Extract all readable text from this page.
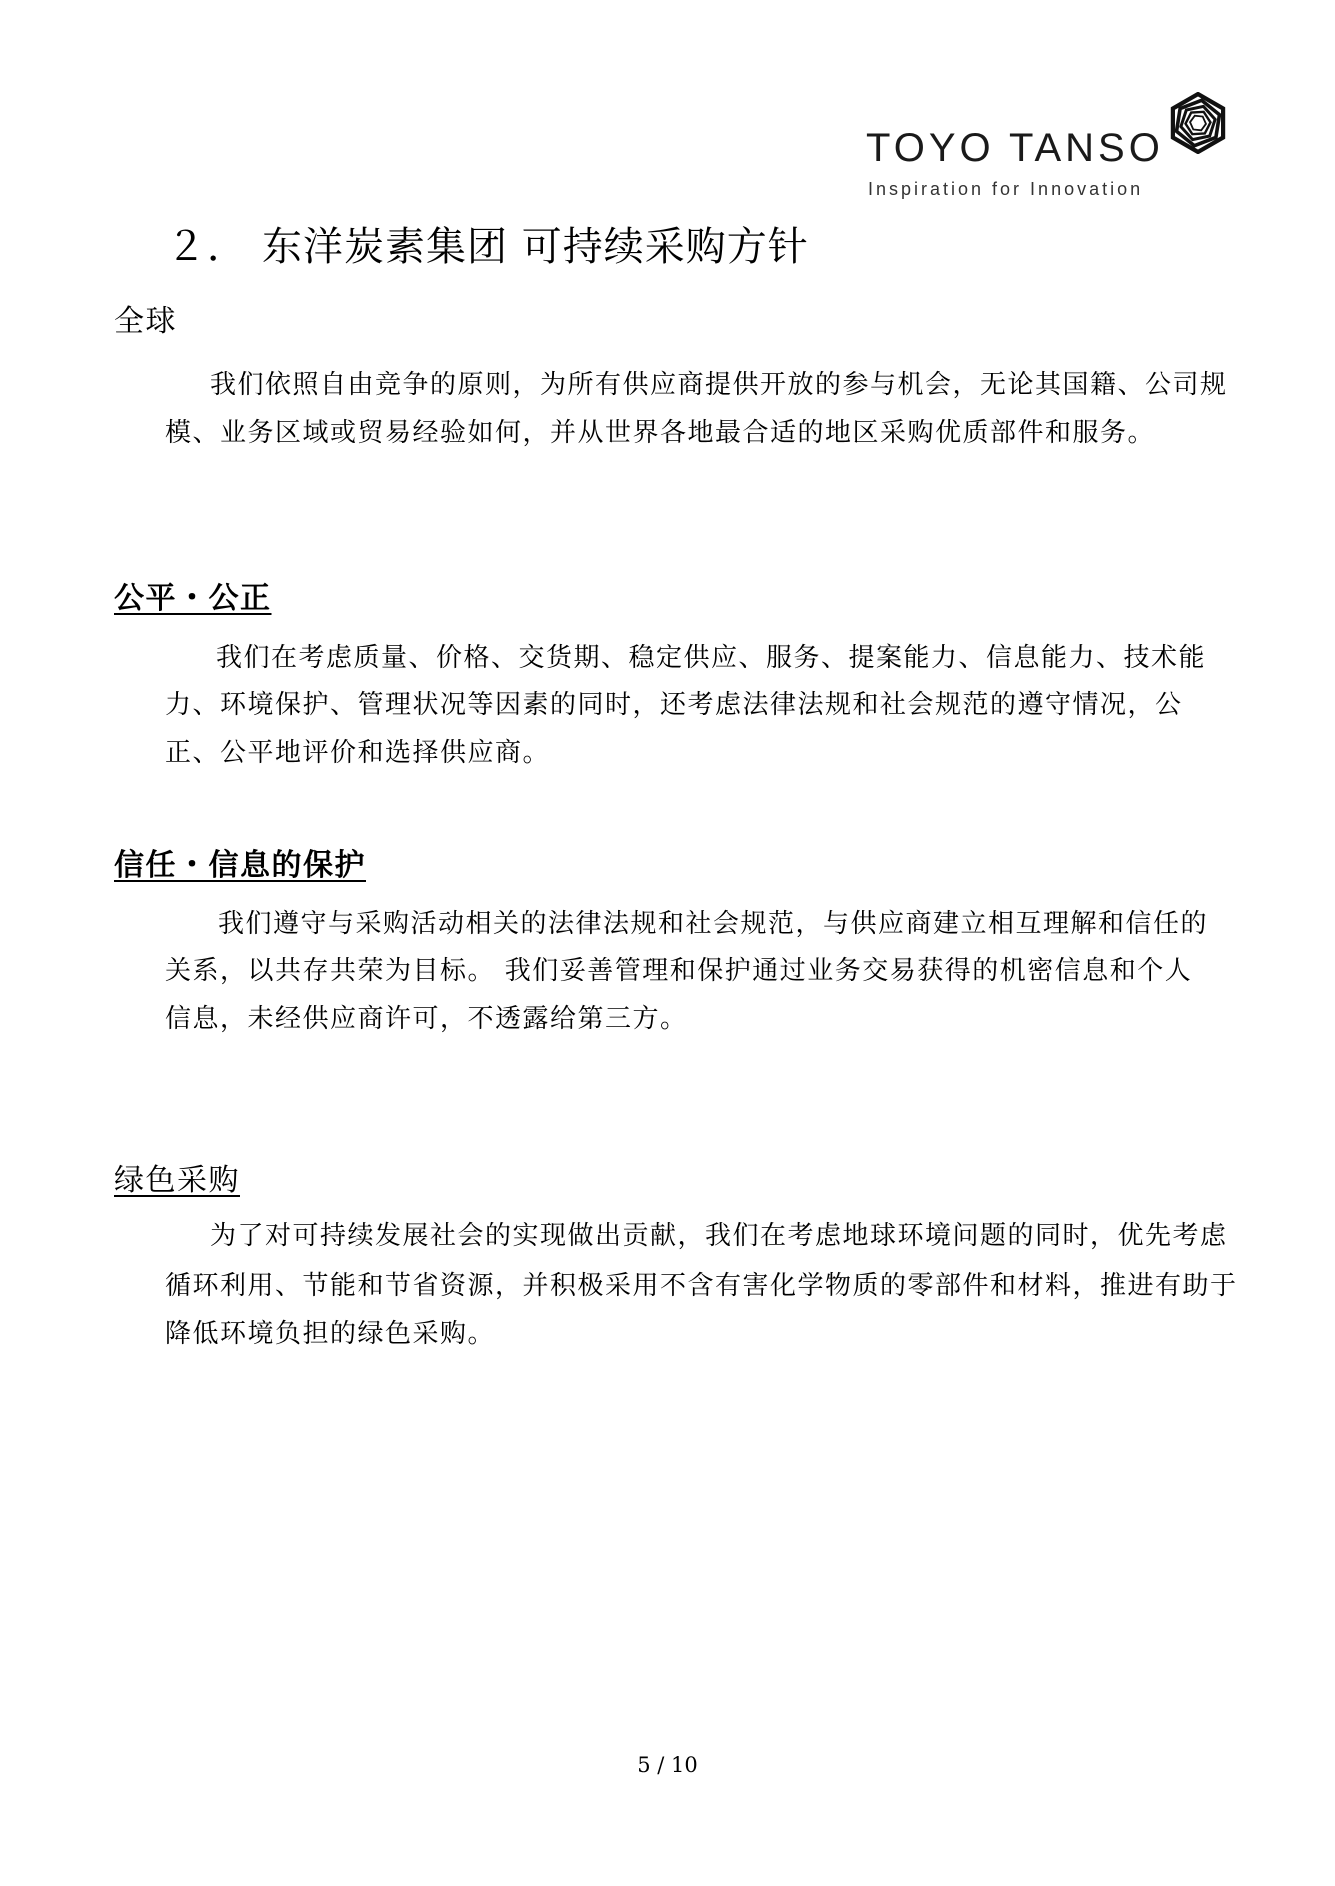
TOYO TANSO
Inspiration for Innovation
２． 东洋炭素集团 可持续采购方针
全球
我们依照自由竞争的原则，为所有供应商提供开放的参与机会，无论其国籍、公司规
模、业务区域或贸易经验如何，并从世界各地最合适的地区采购优质部件和服务。
公平・公正
我们在考虑质量、价格、交货期、稳定供应、服务、提案能力、信息能力、技术能
力、环境保护、管理状况等因素的同时，还考虑法律法规和社会规范的遵守情况，公
正、公平地评价和选择供应商。
信任・信息的保护
我们遵守与采购活动相关的法律法规和社会规范，与供应商建立相互理解和信任的
关系，以共存共荣为目标。 我们妥善管理和保护通过业务交易获得的机密信息和个人
信息，未经供应商许可，不透露给第三方。
绿色采购
为了对可持续发展社会的实现做出贡献，我们在考虑地球环境问题的同时，优先考虑
循环利用、节能和节省资源，并积极采用不含有害化学物质的零部件和材料，推进有助于
降低环境负担的绿色采购。
5 / 10
